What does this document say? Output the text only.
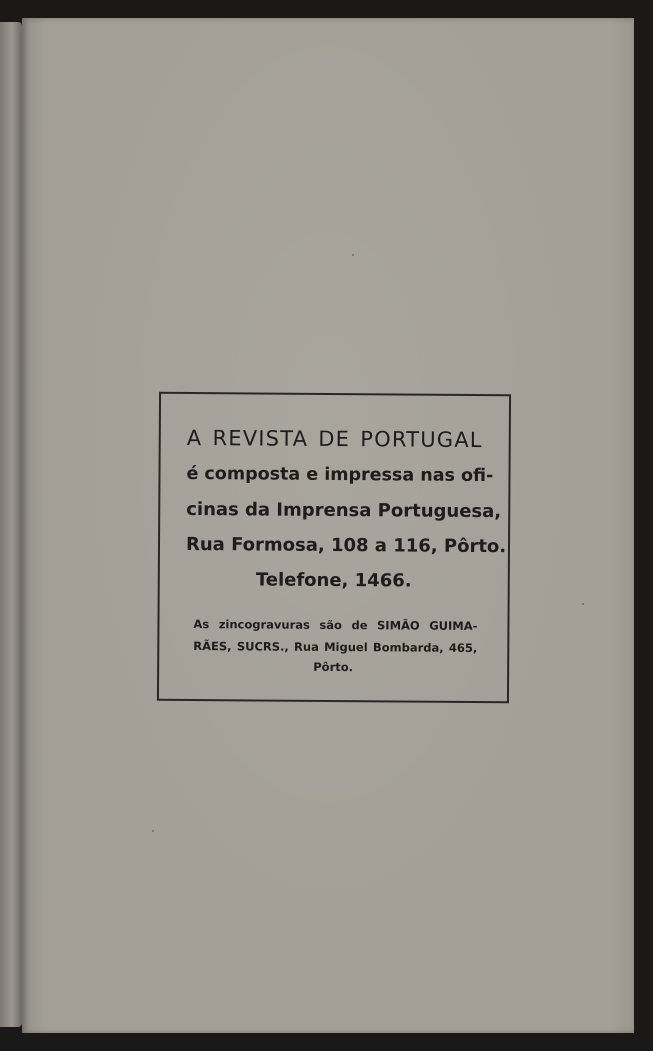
A REVISTA DE PORTUGAL
é composta e impressa nas ofi-
cinas da Imprensa Portuguesa,
Rua Formosa, 108 a 116, Pôrto.
Telefone, 1466.
As zincogravuras são de SIMÃO GUIMA-
RÃES, SUCRS., Rua Miguel Bombarda, 465,
Pôrto.
